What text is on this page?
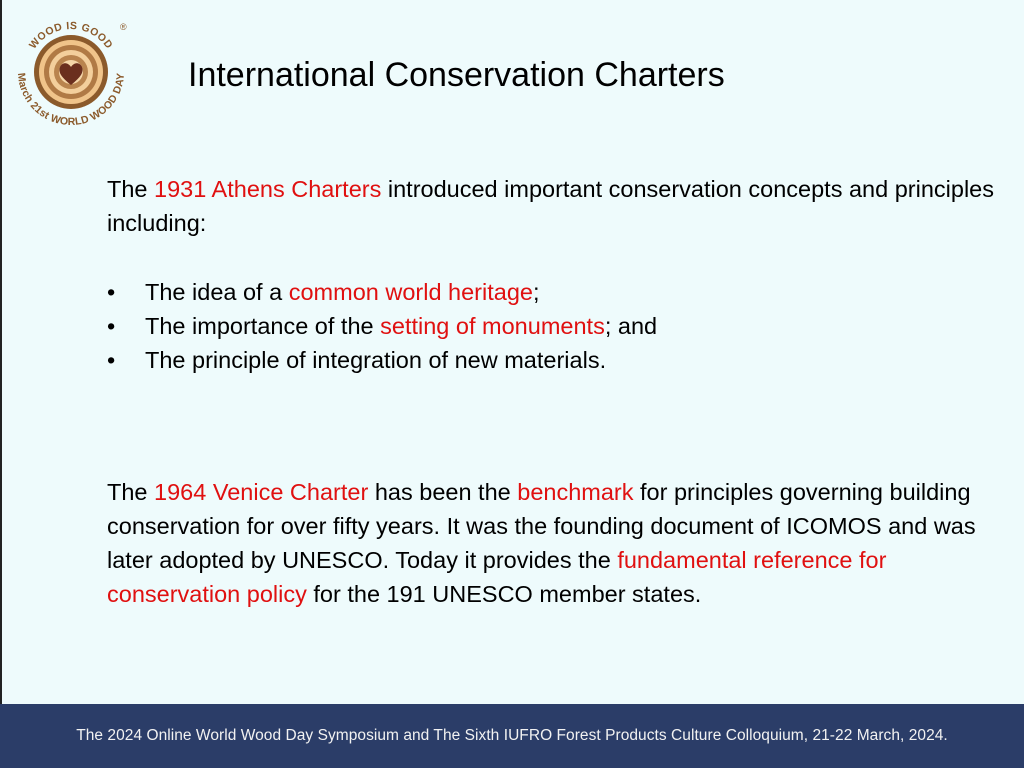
WOOD IS GOOD
March 21st WORLD WOOD DAY
®
International Conservation Charters
The 1931 Athens Charters introduced important conservation concepts and principles including:
•	The idea of a common world heritage;
•	The importance of the setting of monuments; and
•	The principle of integration of new materials.
The 1964 Venice Charter has been the benchmark for principles governing building conservation for over fifty years. It was the founding document of ICOMOS and was later adopted by UNESCO. Today it provides the fundamental reference for conservation policy for the 191 UNESCO member states.
The 2024 Online World Wood Day Symposium and The Sixth IUFRO Forest Products Culture Colloquium, 21-22 March, 2024.
